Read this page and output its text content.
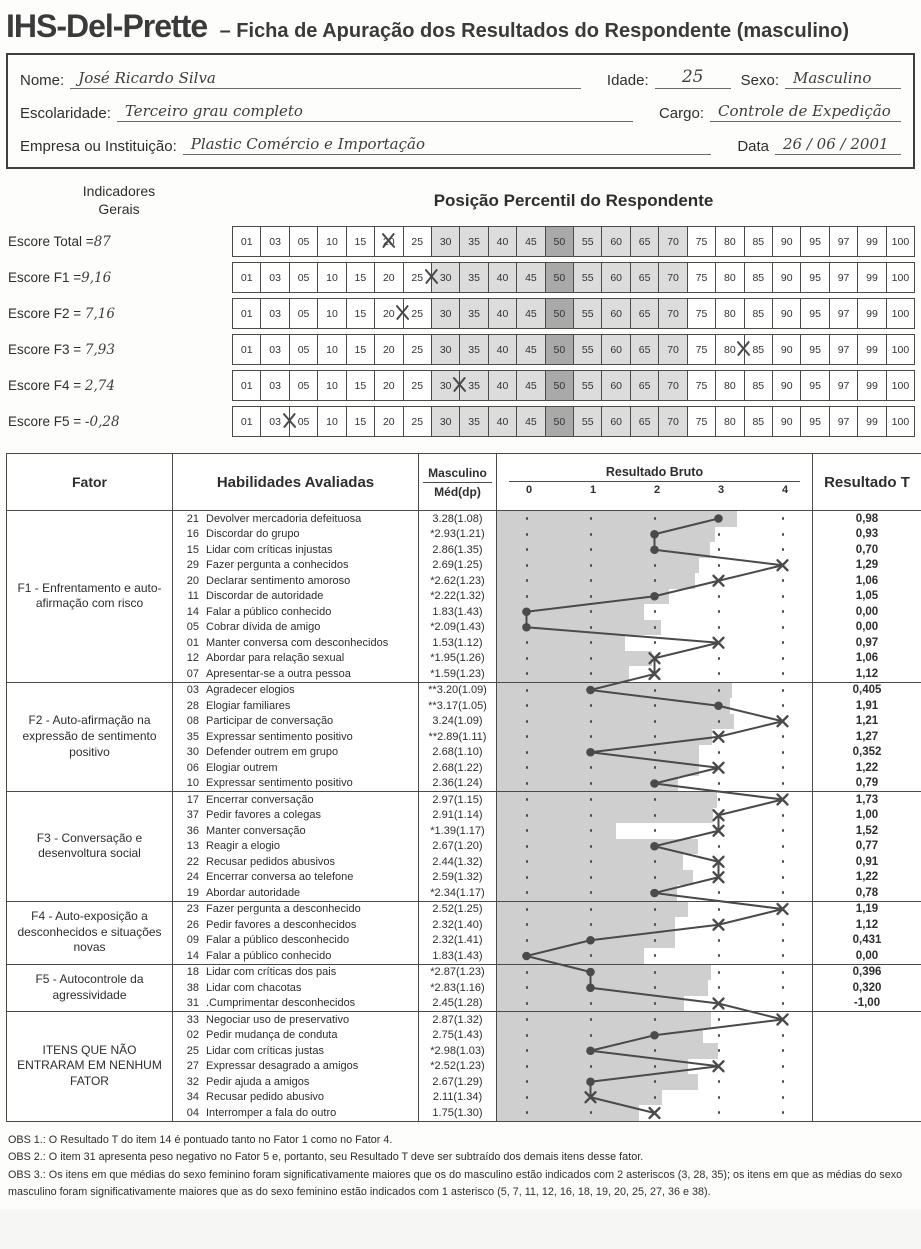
IHS-Del-Prette – Ficha de Apuração dos Resultados do Respondente (masculino)
Nome: José Ricardo Silva	Idade:	25	Sexo: Masculino
Escolaridade: Terceiro grau completo	Cargo: Controle de Expedição
Empresa ou Instituição: Plastic Comércio e Importação	Data 26 / 06 / 2001
Indicadores
Gerais	Posição Percentil do Respondente
Escore Total =87	01	03	05	10	15	20	25	30	35	40	45	50	55	60	65	70	75	80	85	90	95	97	99	100
Escore F1 =9,16	01	03	05	10	15	20	25	30	35	40	45	50	55	60	65	70	75	80	85	90	95	97	99	100
Escore F2 = 7,16	01	03	05	10	15	20	25	30	35	40	45	50	55	60	65	70	75	80	85	90	95	97	99	100
Escore F3 = 7,93	01	03	05	10	15	20	25	30	35	40	45	50	55	60	65	70	75	80	85	90	95	97	99	100
Escore F4 = 2,74	01	03	05	10	15	20	25	30	35	40	45	50	55	60	65	70	75	80	85	90	95	97	99	100
Escore F5 = -0,28	01	03	05	10	15	20	25	30	35	40	45	50	55	60	65	70	75	80	85	90	95	97	99	100
Fator	Habilidades Avaliadas	
Masculino
Méd(dp)

Resultado Bruto
0	1	2	3	4	Resultado T
F1 - Enfrentamento e auto-afirmação com risco	21 Devolver mercadoria defeituosa	3.28(1.08)		0,98
	16 Discordar do grupo	*2.93(1.21)		0,93
	15 Lidar com críticas injustas	2.86(1.35)		0,70
	29 Fazer pergunta a conhecidos	2.69(1.25)		1,29
	20 Declarar sentimento amoroso	*2.62(1.23)		1,06
	11 Discordar de autoridade	*2.22(1.32)		1,05
	14 Falar a público conhecido	1.83(1.43)		0,00
	05 Cobrar dívida de amigo	*2.09(1.43)		0,00
	01 Manter conversa com desconhecidos	1.53(1.12)		0,97
	12 Abordar para relação sexual	*1.95(1.26)		1,06
	07 Apresentar-se a outra pessoa	*1.59(1.23)		1,12
F2 - Auto-afirmação na expressão de sentimento positivo	03 Agradecer elogios	**3.20(1.09)		0,405
	28 Elogiar familiares	**3.17(1.05)		1,91
	08 Participar de conversação	3.24(1.09)		1,21
	35 Expressar sentimento positivo	**2.89(1.11)		1,27
	30 Defender outrem em grupo	2.68(1.10)		0,352
	06 Elogiar outrem	2.68(1.22)		1,22
	10 Expressar sentimento positivo	2.36(1.24)		0,79
F3 - Conversação e desenvoltura social	17 Encerrar conversação	2.97(1.15)		1,73
	37 Pedir favores a colegas	2.91(1.14)		1,00
	36 Manter conversação	*1.39(1.17)		1,52
	13 Reagir a elogio	2.67(1.20)		0,77
	22 Recusar pedidos abusivos	2.44(1.32)		0,91
	24 Encerrar conversa ao telefone	2.59(1.32)		1,22
	19 Abordar autoridade	*2.34(1.17)		0,78
F4 - Auto-exposição a desconhecidos e situações novas	23 Fazer pergunta a desconhecido	2.52(1.25)		1,19
	26 Pedir favores a desconhecidos	2.32(1.40)		1,12
	09 Falar a público desconhecido	2.32(1.41)		0,431
	14 Falar a público conhecido	1.83(1.43)		0,00
F5 - Autocontrole da agressividade	18 Lidar com críticas dos pais	*2.87(1.23)		0,396
	38 Lidar com chacotas	*2.83(1.16)		0,320
	31 .Cumprimentar desconhecidos	2.45(1.28)		-1,00
ITENS QUE NÃO ENTRARAM EM NENHUM FATOR	33 Negociar uso de preservativo	2.87(1.32)	

	02 Pedir mudança de conduta	2.75(1.43)	

	25 Lidar com críticas justas	*2.98(1.03)	

	27 Expressar desagrado a amigos	*2.52(1.23)	

	32 Pedir ajuda a amigos	2.67(1.29)	

	34 Recusar pedido abusivo	2.11(1.34)	

	04 Interromper a fala do outro	1.75(1.30)	

OBS 1.: O Resultado T do item 14 é pontuado tanto no Fator 1 como no Fator 4.

OBS 2.: O item 31 apresenta peso negativo no Fator 5 e, portanto, seu Resultado T deve ser subtraído dos demais itens desse fator.

OBS 3.: Os itens em que médias do sexo feminino foram significativamente maiores que os do masculino estão indicados com 2 asteriscos (3, 28, 35); os itens em que as médias do sexo masculino foram significativamente maiores que as do sexo feminino estão indicados com 1 asterisco (5, 7, 11, 12, 16, 18, 19, 20, 25, 27, 36 e 38).
